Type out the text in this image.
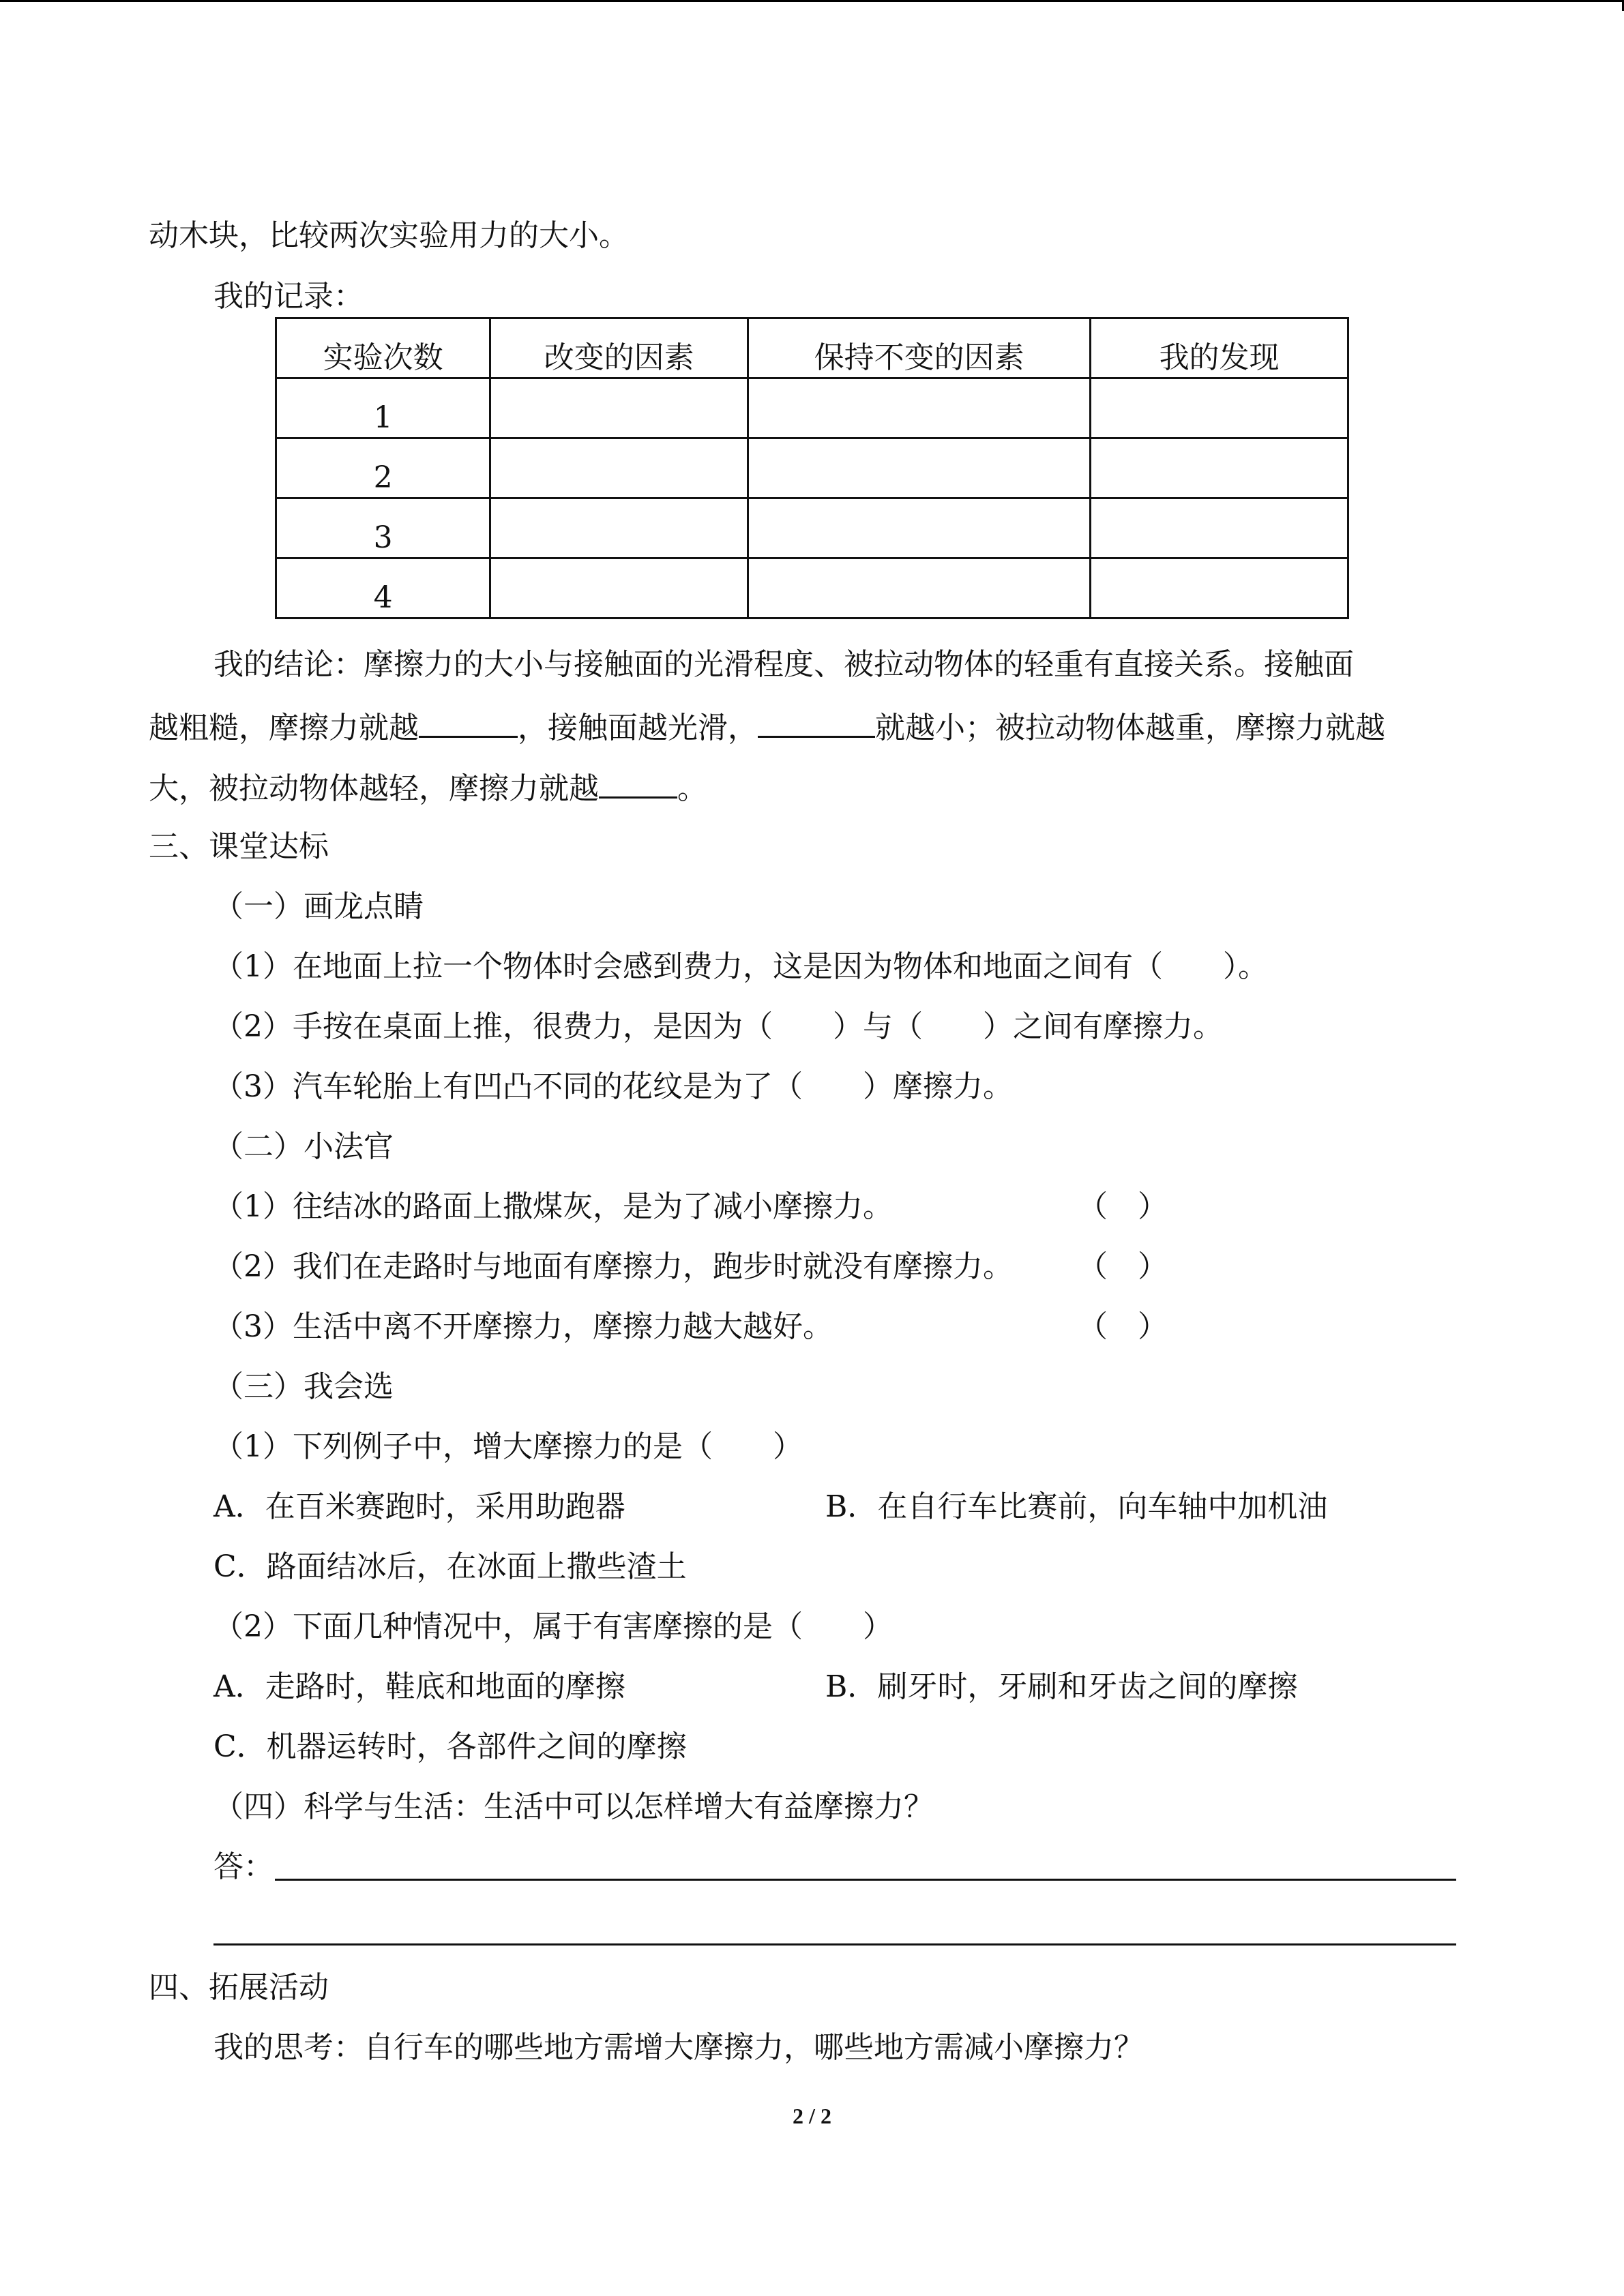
动木块，比较两次实验用力的大小。
我的记录：
实验次数	改变的因素	保持不变的因素	我的发现
1			
2			
3			
4			
我的结论：摩擦力的大小与接触面的光滑程度、被拉动物体的轻重有直接关系。接触面
越粗糙，摩擦力就越	，接触面越光滑，	就越小；被拉动物体越重，摩擦力就越
大，被拉动物体越轻，摩擦力就越	。
三、课堂达标
（一）画龙点睛
（1）在地面上拉一个物体时会感到费力，这是因为物体和地面之间有（ ）。
（2）手按在桌面上推，很费力，是因为（ ）与（ ）之间有摩擦力。
（3）汽车轮胎上有凹凸不同的花纹是为了（ ）摩擦力。
（二）小法官
（1）往结冰的路面上撒煤灰，是为了减小摩擦力。	（ ）
（2）我们在走路时与地面有摩擦力，跑步时就没有摩擦力。 （ ）
（3）生活中离不开摩擦力，摩擦力越大越好。	（ ）
（三）我会选
（1）下列例子中，增大摩擦力的是（ ）
A．在百米赛跑时，采用助跑器	B．在自行车比赛前，向车轴中加机油
C．路面结冰后，在冰面上撒些渣土
（2）下面几种情况中，属于有害摩擦的是（ ）
A．走路时，鞋底和地面的摩擦	B．刷牙时，牙刷和牙齿之间的摩擦
C．机器运转时，各部件之间的摩擦
（四）科学与生活：生活中可以怎样增大有益摩擦力？
答：
四、拓展活动
我的思考：自行车的哪些地方需增大摩擦力，哪些地方需减小摩擦力？
2 / 2
